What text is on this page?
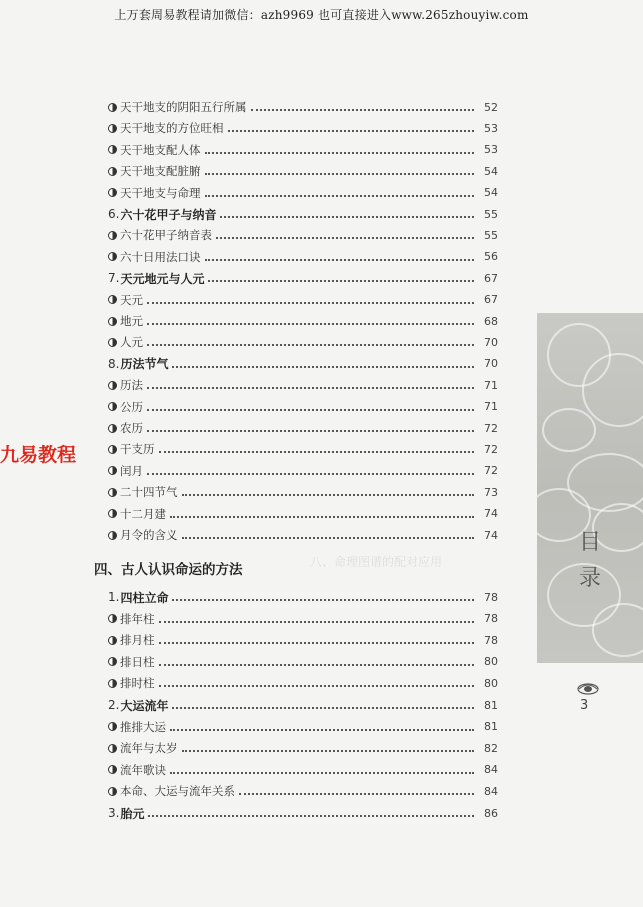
上万套周易教程请加微信：azh9969 也可直接进入www.265zhouyiw.com
八、命理图谱的配对应用
目
录
3
九易教程
四、古人认识命运的方法
天干地支的阴阳五行所属	52
天干地支的方位旺相	53
天干地支配人体	53
天干地支配脏腑	54
天干地支与命理	54
6. 六十花甲子与纳音	55
六十花甲子纳音表	55
六十日用法口诀	56
7. 天元地元与人元	67
天元	67
地元	68
人元	70
8. 历法节气	70
历法	71
公历	71
农历	72
干支历	72
闰月	72
二十四节气	73
十二月建	74
月令的含义	74
1. 四柱立命	78
排年柱	78
排月柱	78
排日柱	80
排时柱	80
2. 大运流年	81
推排大运	81
流年与太岁	82
流年歌诀	84
本命、大运与流年关系	84
3. 胎元	86
